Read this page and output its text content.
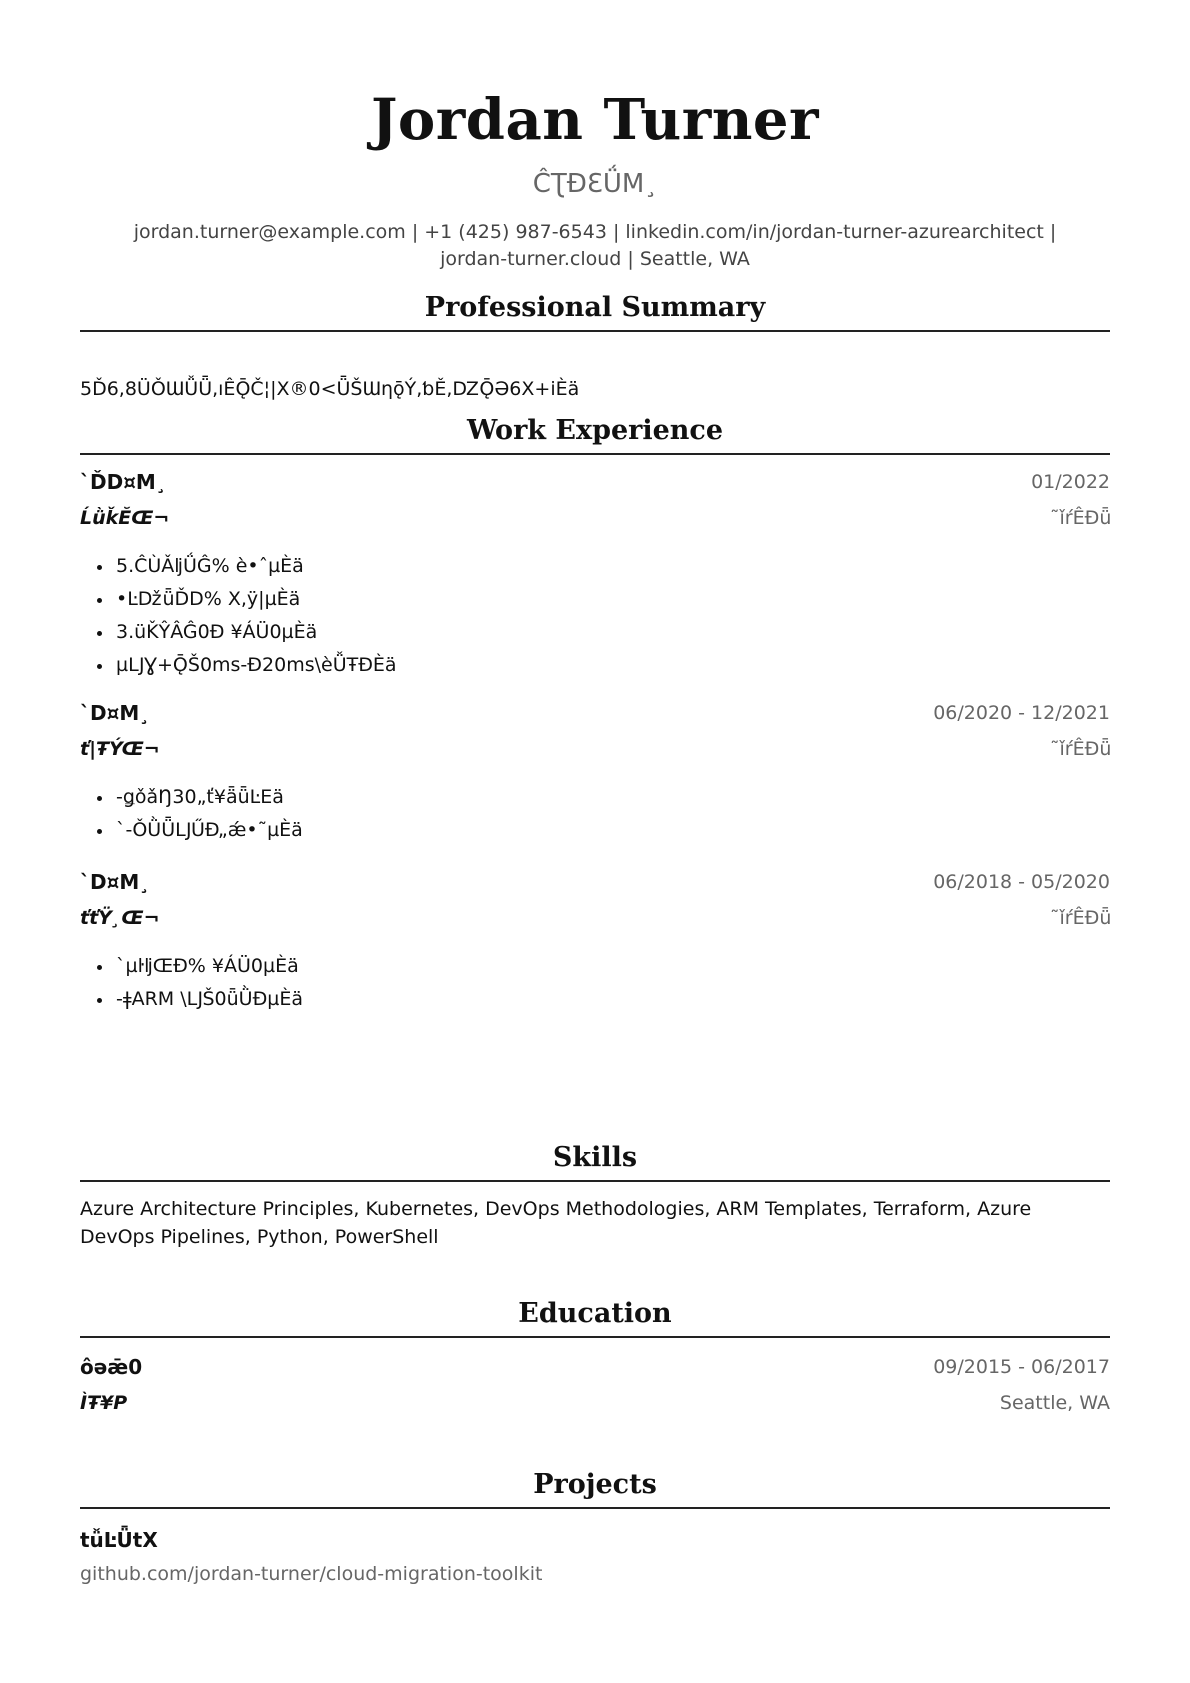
Jordan Turner
ĈƮĐƐǗM¸
jordan.turner@example.com | +1 (425) 987-6543 | linkedin.com/in/jordan-turner-azurearchitect |
jordan-turner.cloud | Seattle, WA
Professional Summary
5Ď6,8ÜǑƜǙǕ,ıÊǬČ¦|X®0<ǕŠƜƞǭÝ,ƅĚ,ǱǬƏ6X+iÈä
Work Experience
`ĎD¤M¸	01/2022
ĹǜǩĔŒ¬	˜ǐŕÊĐǖ
5.ĈÙǍǉǗĜ% è•ˆµÈä
•ĿǅǖĎD% X,ÿ|µÈä
3.üǨŶÂĜ0Ð ¥ÁÜ0µÈä
µǇƔ+ǬŠ0ms-Ð20ms\èǙŦĐÈä
`D¤M¸	06/2020 - 12/2021
ť|ŦÝŒ¬	˜ǐŕÊĐǖ
-ǥǒǎŊ30„ť¥ǟǖĿEä
`-ǑǛǕǇŰĐ„ǽ•˜µÈä
`D¤M¸	06/2018 - 05/2020
ťťŸ¸Œ¬	˜ǐŕÊĐǖ
`µŀǉŒĐ% ¥ÁÜ0µÈä
-ǂARM \ǇŠ0ǖǛĐµÈä
Skills
Azure Architecture Principles, Kubernetes, DevOps Methodologies, ARM Templates, Terraform, Azure DevOps Pipelines, Python, PowerShell
Education
ôǝǣ0	09/2015 - 06/2017
ÌŦ¥P	Seattle, WA
Projects
tǚĿǕtX
github.com/jordan-turner/cloud-migration-toolkit
